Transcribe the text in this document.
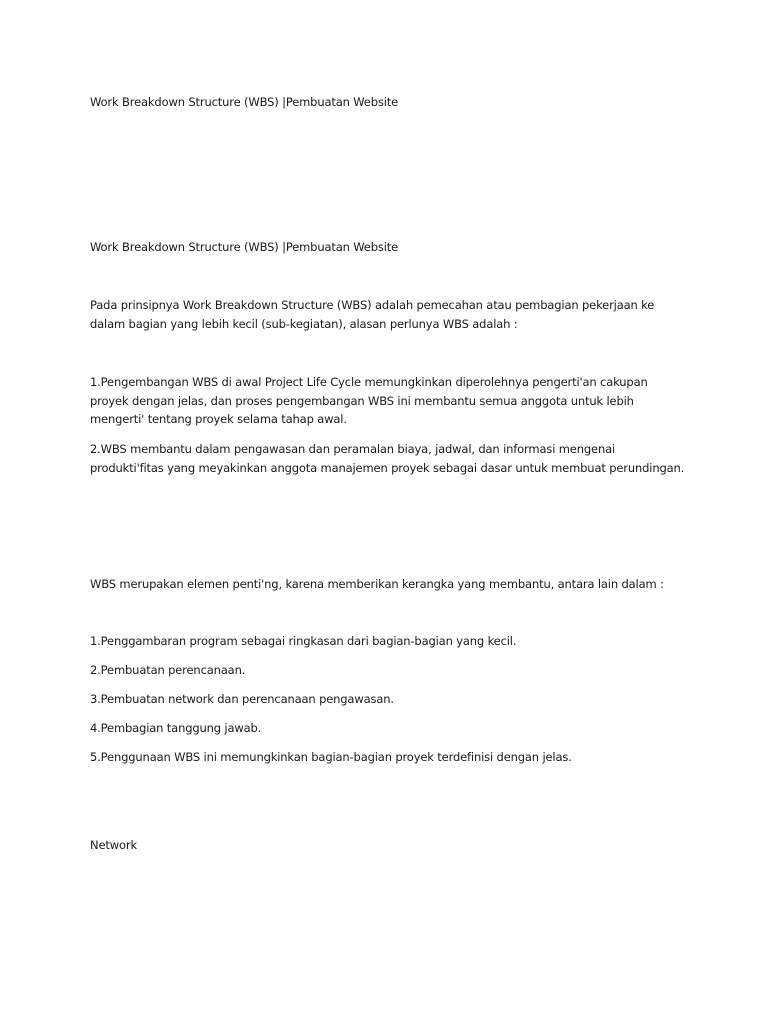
Work Breakdown Structure (WBS) |Pembuatan Website

Work Breakdown Structure (WBS) |Pembuatan Website

Pada prinsipnya Work Breakdown Structure (WBS) adalah pemecahan atau pembagian pekerjaan ke

dalam bagian yang lebih kecil (sub-kegiatan), alasan perlunya WBS adalah :

1.Pengembangan WBS di awal Project Life Cycle memungkinkan diperolehnya pengerti'an cakupan

proyek dengan jelas, dan proses pengembangan WBS ini membantu semua anggota untuk lebih

mengerti' tentang proyek selama tahap awal.

2.WBS membantu dalam pengawasan dan peramalan biaya, jadwal, dan informasi mengenai

produkti'fitas yang meyakinkan anggota manajemen proyek sebagai dasar untuk membuat perundingan.

WBS merupakan elemen penti'ng, karena memberikan kerangka yang membantu, antara lain dalam :

1.Penggambaran program sebagai ringkasan dari bagian-bagian yang kecil.

2.Pembuatan perencanaan.

3.Pembuatan network dan perencanaan pengawasan.

4.Pembagian tanggung jawab.

5.Penggunaan WBS ini memungkinkan bagian-bagian proyek terdefinisi dengan jelas.

Network
